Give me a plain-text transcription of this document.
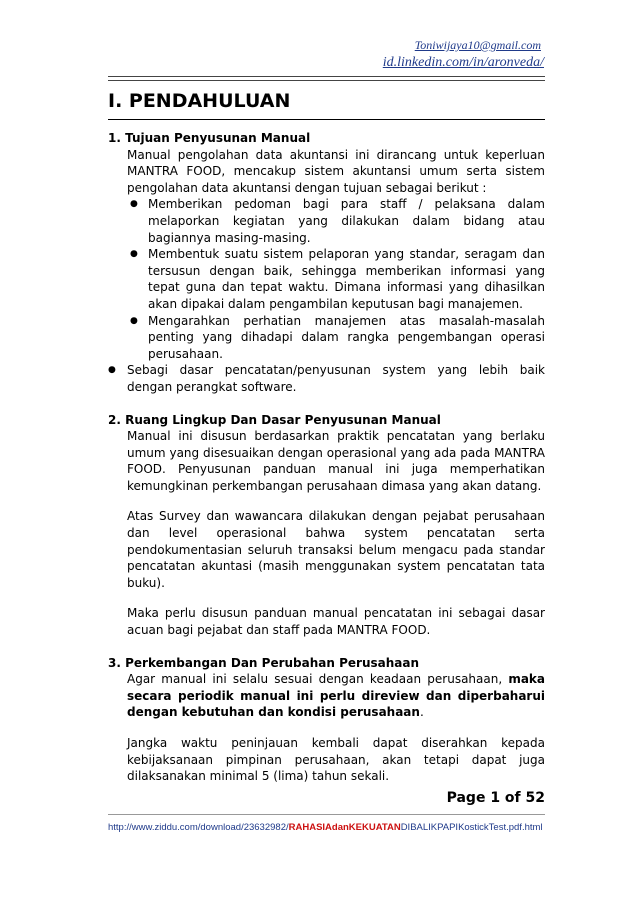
Toniwijaya10@gmail.com
id.linkedin.com/in/aronveda/
I. PENDAHULUAN
1. Tujuan Penyusunan Manual
Manual pengolahan data akuntansi ini dirancang untuk keperluan MANTRA FOOD, mencakup sistem akuntansi umum serta sistem pengolahan data akuntansi dengan tujuan sebagai berikut :
● Memberikan pedoman bagi para staff / pelaksana dalam melaporkan kegiatan yang dilakukan dalam bidang atau bagiannya masing-masing.
● Membentuk suatu sistem pelaporan yang standar, seragam dan tersusun dengan baik, sehingga memberikan informasi yang tepat guna dan tepat waktu. Dimana informasi yang dihasilkan akan dipakai dalam pengambilan keputusan bagi manajemen.
● Mengarahkan perhatian manajemen atas masalah-masalah penting yang dihadapi dalam rangka pengembangan operasi perusahaan.
● Sebagi dasar pencatatan/penyusunan system yang lebih baik dengan perangkat software.
2. Ruang Lingkup Dan Dasar Penyusunan Manual
Manual ini disusun berdasarkan praktik pencatatan yang berlaku umum yang disesuaikan dengan operasional yang ada pada MANTRA FOOD. Penyusunan panduan manual ini juga memperhatikan kemungkinan perkembangan perusahaan dimasa yang akan datang.
Atas Survey dan wawancara dilakukan dengan pejabat perusahaan dan level operasional bahwa system pencatatan serta pendokumentasian seluruh transaksi belum mengacu pada standar pencatatan akuntasi (masih menggunakan system pencatatan tata buku).
Maka perlu disusun panduan manual pencatatan ini sebagai dasar acuan bagi pejabat dan staff pada MANTRA FOOD.
3. Perkembangan Dan Perubahan Perusahaan
Agar manual ini selalu sesuai dengan keadaan perusahaan, maka secara periodik manual ini perlu direview dan diperbaharui dengan kebutuhan dan kondisi perusahaan.
Jangka waktu peninjauan kembali dapat diserahkan kepada kebijaksanaan pimpinan perusahaan, akan tetapi dapat juga dilaksanakan minimal 5 (lima) tahun sekali.
Page 1 of 52
http://www.ziddu.com/download/23632982/RAHASIAdanKEKUATANDIBALIKPAPIKostickTest.pdf.html
